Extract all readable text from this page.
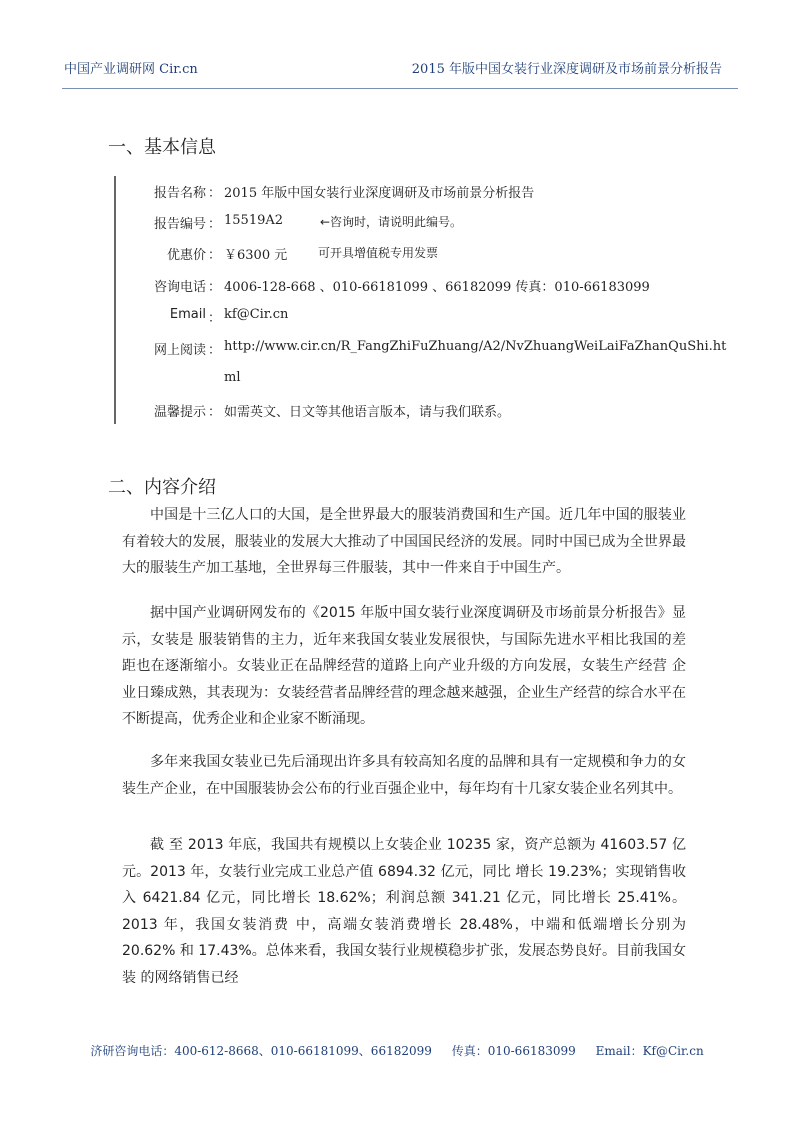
中国产业调研网 Cir.cn	2015 年版中国女装行业深度调研及市场前景分析报告
一、基本信息
报告名称 ： 2015 年版中国女装行业深度调研及市场前景分析报告
报告编号 ： 15519A2	←咨询时，请说明此编号。
优惠价 ： ￥6300 元	可开具增值税专用发票
咨询电话 ： 4006-128-668 、010-66181099 、66182099 传真：010-66183099
Email ： kf@Cir.cn
网上阅读 ： http://www.cir.cn/R_FangZhiFuZhuang/A2/NvZhuangWeiLaiFaZhanQuShi.ht
ml
温馨提示 ： 如需英文、日文等其他语言版本，请与我们联系。
二、内容介绍

中国是十三亿人口的大国，是全世界最大的服装消费国和生产国。近几年中国的服装业有着较大的发展，服装业的发展大大推动了中国国民经济的发展。同时中国已成为全世界最大的服装生产加工基地，全世界每三件服装，其中一件来自于中国生产。

据中国产业调研网发布的《2015 年版中国女装行业深度调研及市场前景分析报告》显示，女装是 服装销售的主力，近年来我国女装业发展很快，与国际先进水平相比我国的差距也在逐渐缩小。女装业正在品牌经营的道路上向产业升级的方向发展，女装生产经营 企业日臻成熟，其表现为：女装经营者品牌经营的理念越来越强，企业生产经营的综合水平在不断提高，优秀企业和企业家不断涌现。

多年来我国女装业已先后涌现出许多具有较高知名度的品牌和具有一定规模和争力的女装生产企业，在中国服装协会公布的行业百强企业中，每年均有十几家女装企业名列其中。

截 至 2013 年底，我国共有规模以上女装企业 10235 家，资产总额为 41603.57 亿元。2013 年，女装行业完成工业总产值 6894.32 亿元，同比 增长 19.23%；实现销售收入 6421.84 亿元，同比增长 18.62%；利润总额 341.21 亿元，同比增长 25.41%。2013 年，我国女装消费 中，高端女装消费增长 28.48%，中端和低端增长分别为 20.62% 和 17.43%。总体来看，我国女装行业规模稳步扩张，发展态势良好。目前我国女装 的网络销售已经

济研咨询电话：400-612-8668、010-66181099、66182099 传真：010-66183099 Email：Kf@Cir.cn
